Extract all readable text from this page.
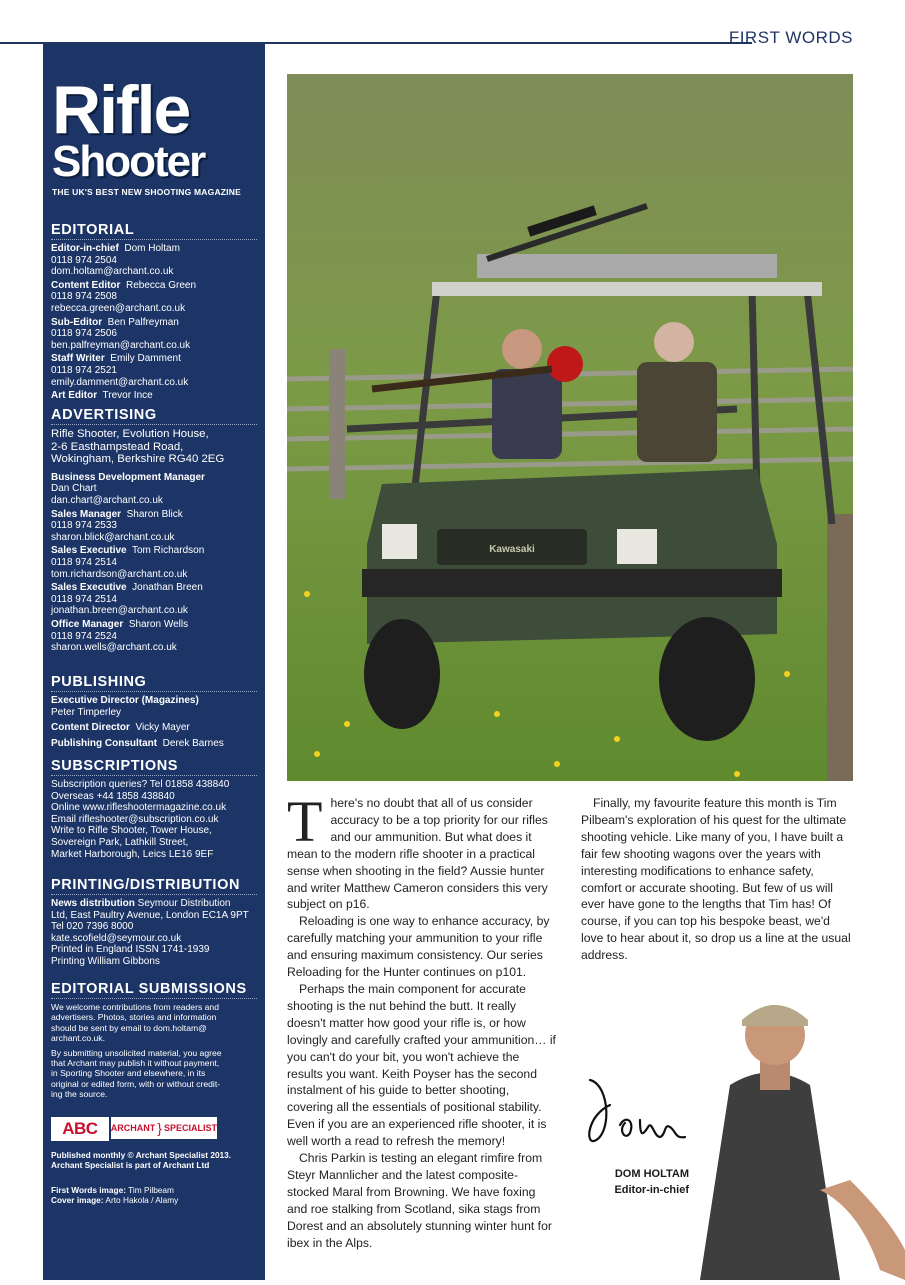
FIRST WORDS
Rifle
Shooter
THE UK'S BEST NEW SHOOTING MAGAZINE
EDITORIAL
Editor-in-chief Dom Holtam
0118 974 2504
dom.holtam@archant.co.uk
Content Editor Rebecca Green
0118 974 2508
rebecca.green@archant.co.uk
Sub-Editor Ben Palfreyman
0118 974 2506
ben.palfreyman@archant.co.uk
Staff Writer Emily Damment
0118 974 2521
emily.damment@archant.co.uk
Art Editor Trevor Ince
ADVERTISING
Rifle Shooter, Evolution House,
2-6 Easthampstead Road,
Wokingham, Berkshire RG40 2EG
Business Development Manager
Dan Chart
dan.chart@archant.co.uk
Sales Manager Sharon Blick
0118 974 2533
sharon.blick@archant.co.uk
Sales Executive Tom Richardson
0118 974 2514
tom.richardson@archant.co.uk
Sales Executive Jonathan Breen
0118 974 2514
jonathan.breen@archant.co.uk
Office Manager Sharon Wells
0118 974 2524
sharon.wells@archant.co.uk
PUBLISHING
Executive Director (Magazines)
Peter Timperley
Content Director Vicky Mayer
Publishing Consultant Derek Barnes
SUBSCRIPTIONS
Subscription queries? Tel 01858 438840
Overseas +44 1858 438840
Online www.rifleshootermagazine.co.uk
Email rifleshooter@subscription.co.uk
Write to Rifle Shooter, Tower House,
Sovereign Park, Lathkill Street,
Market Harborough, Leics LE16 9EF
PRINTING/DISTRIBUTION
News distribution Seymour Distribution
Ltd, East Paultry Avenue, London EC1A 9PT
Tel 020 7396 8000
kate.scofield@seymour.co.uk
Printed in England ISSN 1741-1939
Printing William Gibbons
EDITORIAL SUBMISSIONS
We welcome contributions from readers and
advertisers. Photos, stories and information
should be sent by email to dom.holtam@
archant.co.uk.
By submitting unsolicited material, you agree
that Archant may publish it without payment,
in Sporting Shooter and elsewhere, in its
original or edited form, with or without credit-
ing the source.
ABC	ARCHANT } SPECIALIST
Published monthly © Archant Specialist 2013.
Archant Specialist is part of Archant Ltd
First Words image: Tim Pilbeam
Cover image: Arto Hakola / Alamy
Kawasaki

There's no doubt that all of us consider accuracy to be a top priority for our rifles and our ammunition. But what does it mean to the modern rifle shooter in a practical sense when shooting in the field? Aussie hunter and writer Matthew Cameron considers this very subject on p16.

Reloading is one way to enhance accuracy, by carefully matching your ammunition to your rifle and ensuring maximum consistency. Our series Reloading for the Hunter continues on p101.

Perhaps the main component for accurate shooting is the nut behind the butt. It really doesn't matter how good your rifle is, or how lovingly and carefully crafted your ammunition… if you can't do your bit, you won't achieve the results you want. Keith Poyser has the second instalment of his guide to better shooting, covering all the essentials of positional stability. Even if you are an experienced rifle shooter, it is well worth a read to refresh the memory!

Chris Parkin is testing an elegant rimfire from Steyr Mannlicher and the latest composite-stocked Maral from Browning. We have foxing and roe stalking from Scotland, sika stags from Dorest and an absolutely stunning winter hunt for ibex in the Alps.

Finally, my favourite feature this month is Tim Pilbeam's exploration of his quest for the ultimate shooting vehicle. Like many of you, I have built a fair few shooting wagons over the years with interesting modifications to enhance safety, comfort or accurate shooting. But few of us will ever have gone to the lengths that Tim has! Of course, if you can top his bespoke beast, we'd love to hear about it, so drop us a line at the usual address.

DOM HOLTAM
Editor-in-chief
